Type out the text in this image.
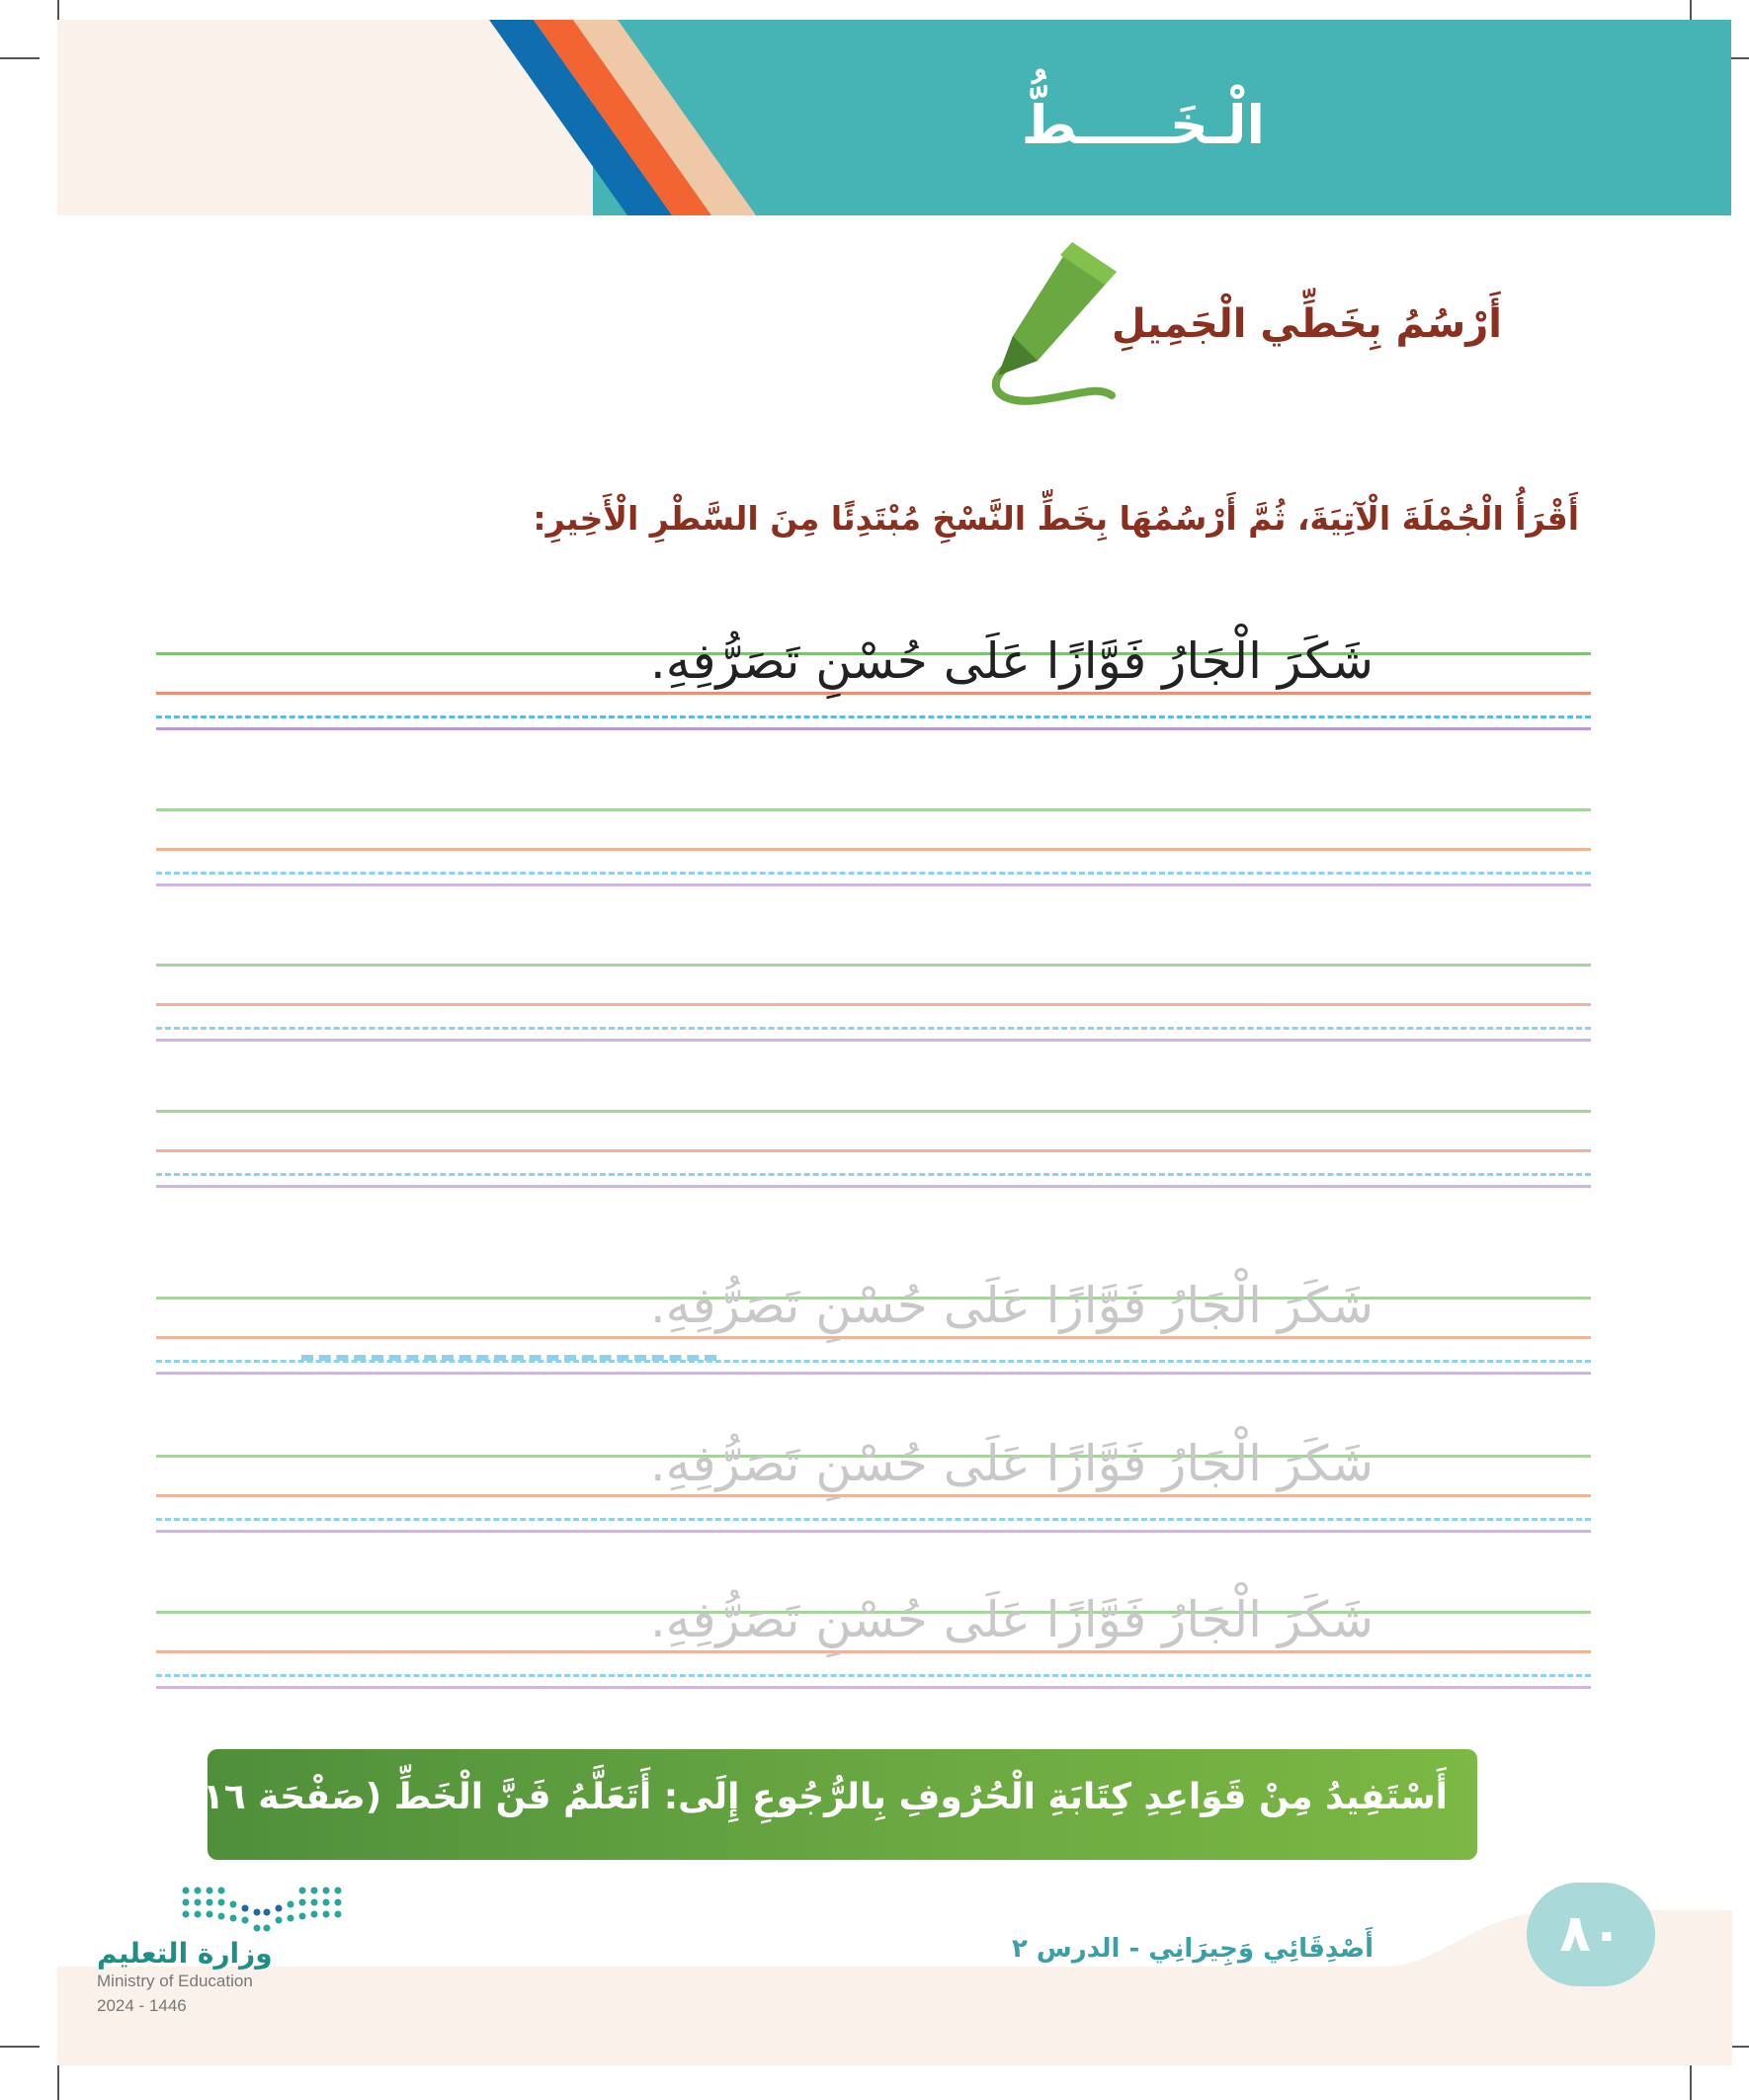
الْـخَـــــطُّ
أَرْسُمُ بِخَطِّي الْجَمِيلِ
أَقْرَأُ الْجُمْلَةَ الْآتِيَةَ، ثُمَّ أَرْسُمُهَا بِخَطِّ النَّسْخِ مُبْتَدِئًا مِنَ السَّطْرِ الْأَخِيرِ:
شَكَرَ الْجَارُ فَوَّازًا عَلَى حُسْنِ تَصَرُّفِهِ.
شَكَرَ الْجَارُ فَوَّازًا عَلَى حُسْنِ تَصَرُّفِهِ.
شَكَرَ الْجَارُ فَوَّازًا عَلَى حُسْنِ تَصَرُّفِهِ.
شَكَرَ الْجَارُ فَوَّازًا عَلَى حُسْنِ تَصَرُّفِهِ.
أَسْتَفِيدُ مِنْ قَوَاعِدِ كِتَابَةِ الْحُرُوفِ بِالرُّجُوعِ إِلَى: أَتَعَلَّمُ فَنَّ الْخَطِّ (صَفْحَة ١٦)
٨٠
أَصْدِقَائِي وَجِيرَانِي - الدرس ٢
وزارة التعليم
Ministry of Education
2024 - 1446
